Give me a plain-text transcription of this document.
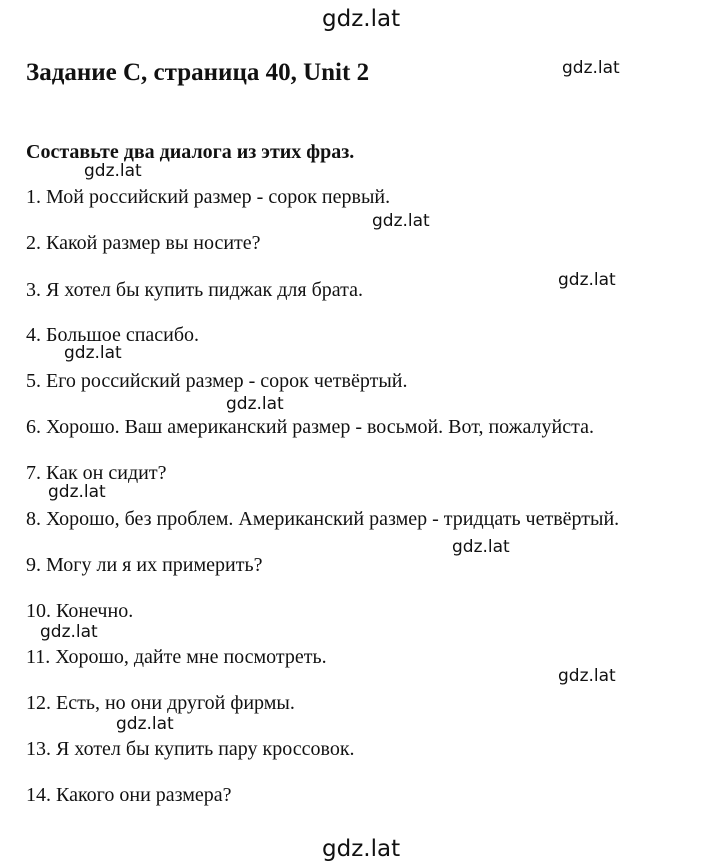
gdz.lat
gdz.lat
gdz.lat
gdz.lat
gdz.lat
gdz.lat
gdz.lat
gdz.lat
gdz.lat
gdz.lat
gdz.lat
gdz.lat
gdz.lat
Задание C, страница 40, Unit 2

Составьте два диалога из этих фраз.

1. Мой российский размер - сорок первый.

2. Какой размер вы носите?

3. Я хотел бы купить пиджак для брата.

4. Большое спасибо.

5. Его российский размер - сорок четвёртый.

6. Хорошо. Ваш американский размер - восьмой. Вот, пожалуйста.

7. Как он сидит?

8. Хорошо, без проблем. Американский размер - тридцать четвёртый.

9. Могу ли я их примерить?

10. Конечно.

11. Хорошо, дайте мне посмотреть.

12. Есть, но они другой фирмы.

13. Я хотел бы купить пару кроссовок.

14. Какого они размера?
